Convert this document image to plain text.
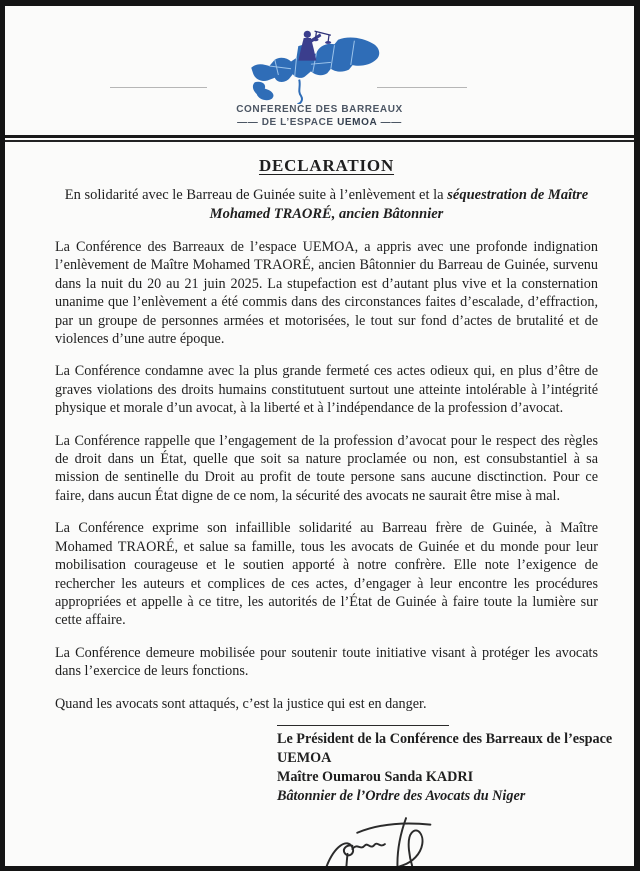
CONFERENCE DES BARREAUX
—— DE L’ESPACE UEMOA ——
DECLARATION
En solidarité avec le Barreau de Guinée suite à l’enlèvement et la séquestration de Maître Mohamed TRAORÉ, ancien Bâtonnier

La Conférence des Barreaux de l’espace UEMOA, a appris avec une profonde indignation l’enlèvement de Maître Mohamed TRAORÉ, ancien Bâtonnier du Barreau de Guinée, survenu dans la nuit du 20 au 21 juin 2025. La stupefaction est d’autant plus vive et la consternation unanime que l’enlèvement a été commis dans des circonstances faites d’escalade, d’effraction, par un groupe de personnes armées et motorisées, le tout sur fond d’actes de brutalité et de violences d’une autre époque.

La Conférence condamne avec la plus grande fermeté ces actes odieux qui, en plus d’être de graves violations des droits humains constitutuent surtout une atteinte intolérable à l’intégrité physique et morale d’un avocat, à la liberté et à l’indépendance de la profession d’avocat.

La Conférence rappelle que l’engagement de la profession d’avocat pour le respect des règles de droit dans un État, quelle que soit sa nature proclamée ou non, est consubstantiel à sa mission de sentinelle du Droit au profit de toute persone sans aucune disctinction. Pour ce faire, dans aucun État digne de ce nom, la sécurité des avocats ne saurait être mise à mal.

La Conférence exprime son infaillible solidarité au Barreau frère de Guinée, à Maître Mohamed TRAORÉ, et salue sa famille, tous les avocats de Guinée et du monde pour leur mobilisation courageuse et le soutien apporté à notre confrère. Elle note l’exigence de rechercher les auteurs et complices de ces actes, d’engager à leur encontre les procédures appropriées et appelle à ce titre, les autorités de l’État de Guinée à faire toute la lumière sur cette affaire.

La Conférence demeure mobilisée pour soutenir toute initiative visant à protéger les avocats dans l’exercice de leurs fonctions.

Quand les avocats sont attaqués, c’est la justice qui est en danger.

Le Président de la Conférence des Barreaux de l’espace UEMOA
Maître Oumarou Sanda KADRI
Bâtonnier de l’Ordre des Avocats du Niger
